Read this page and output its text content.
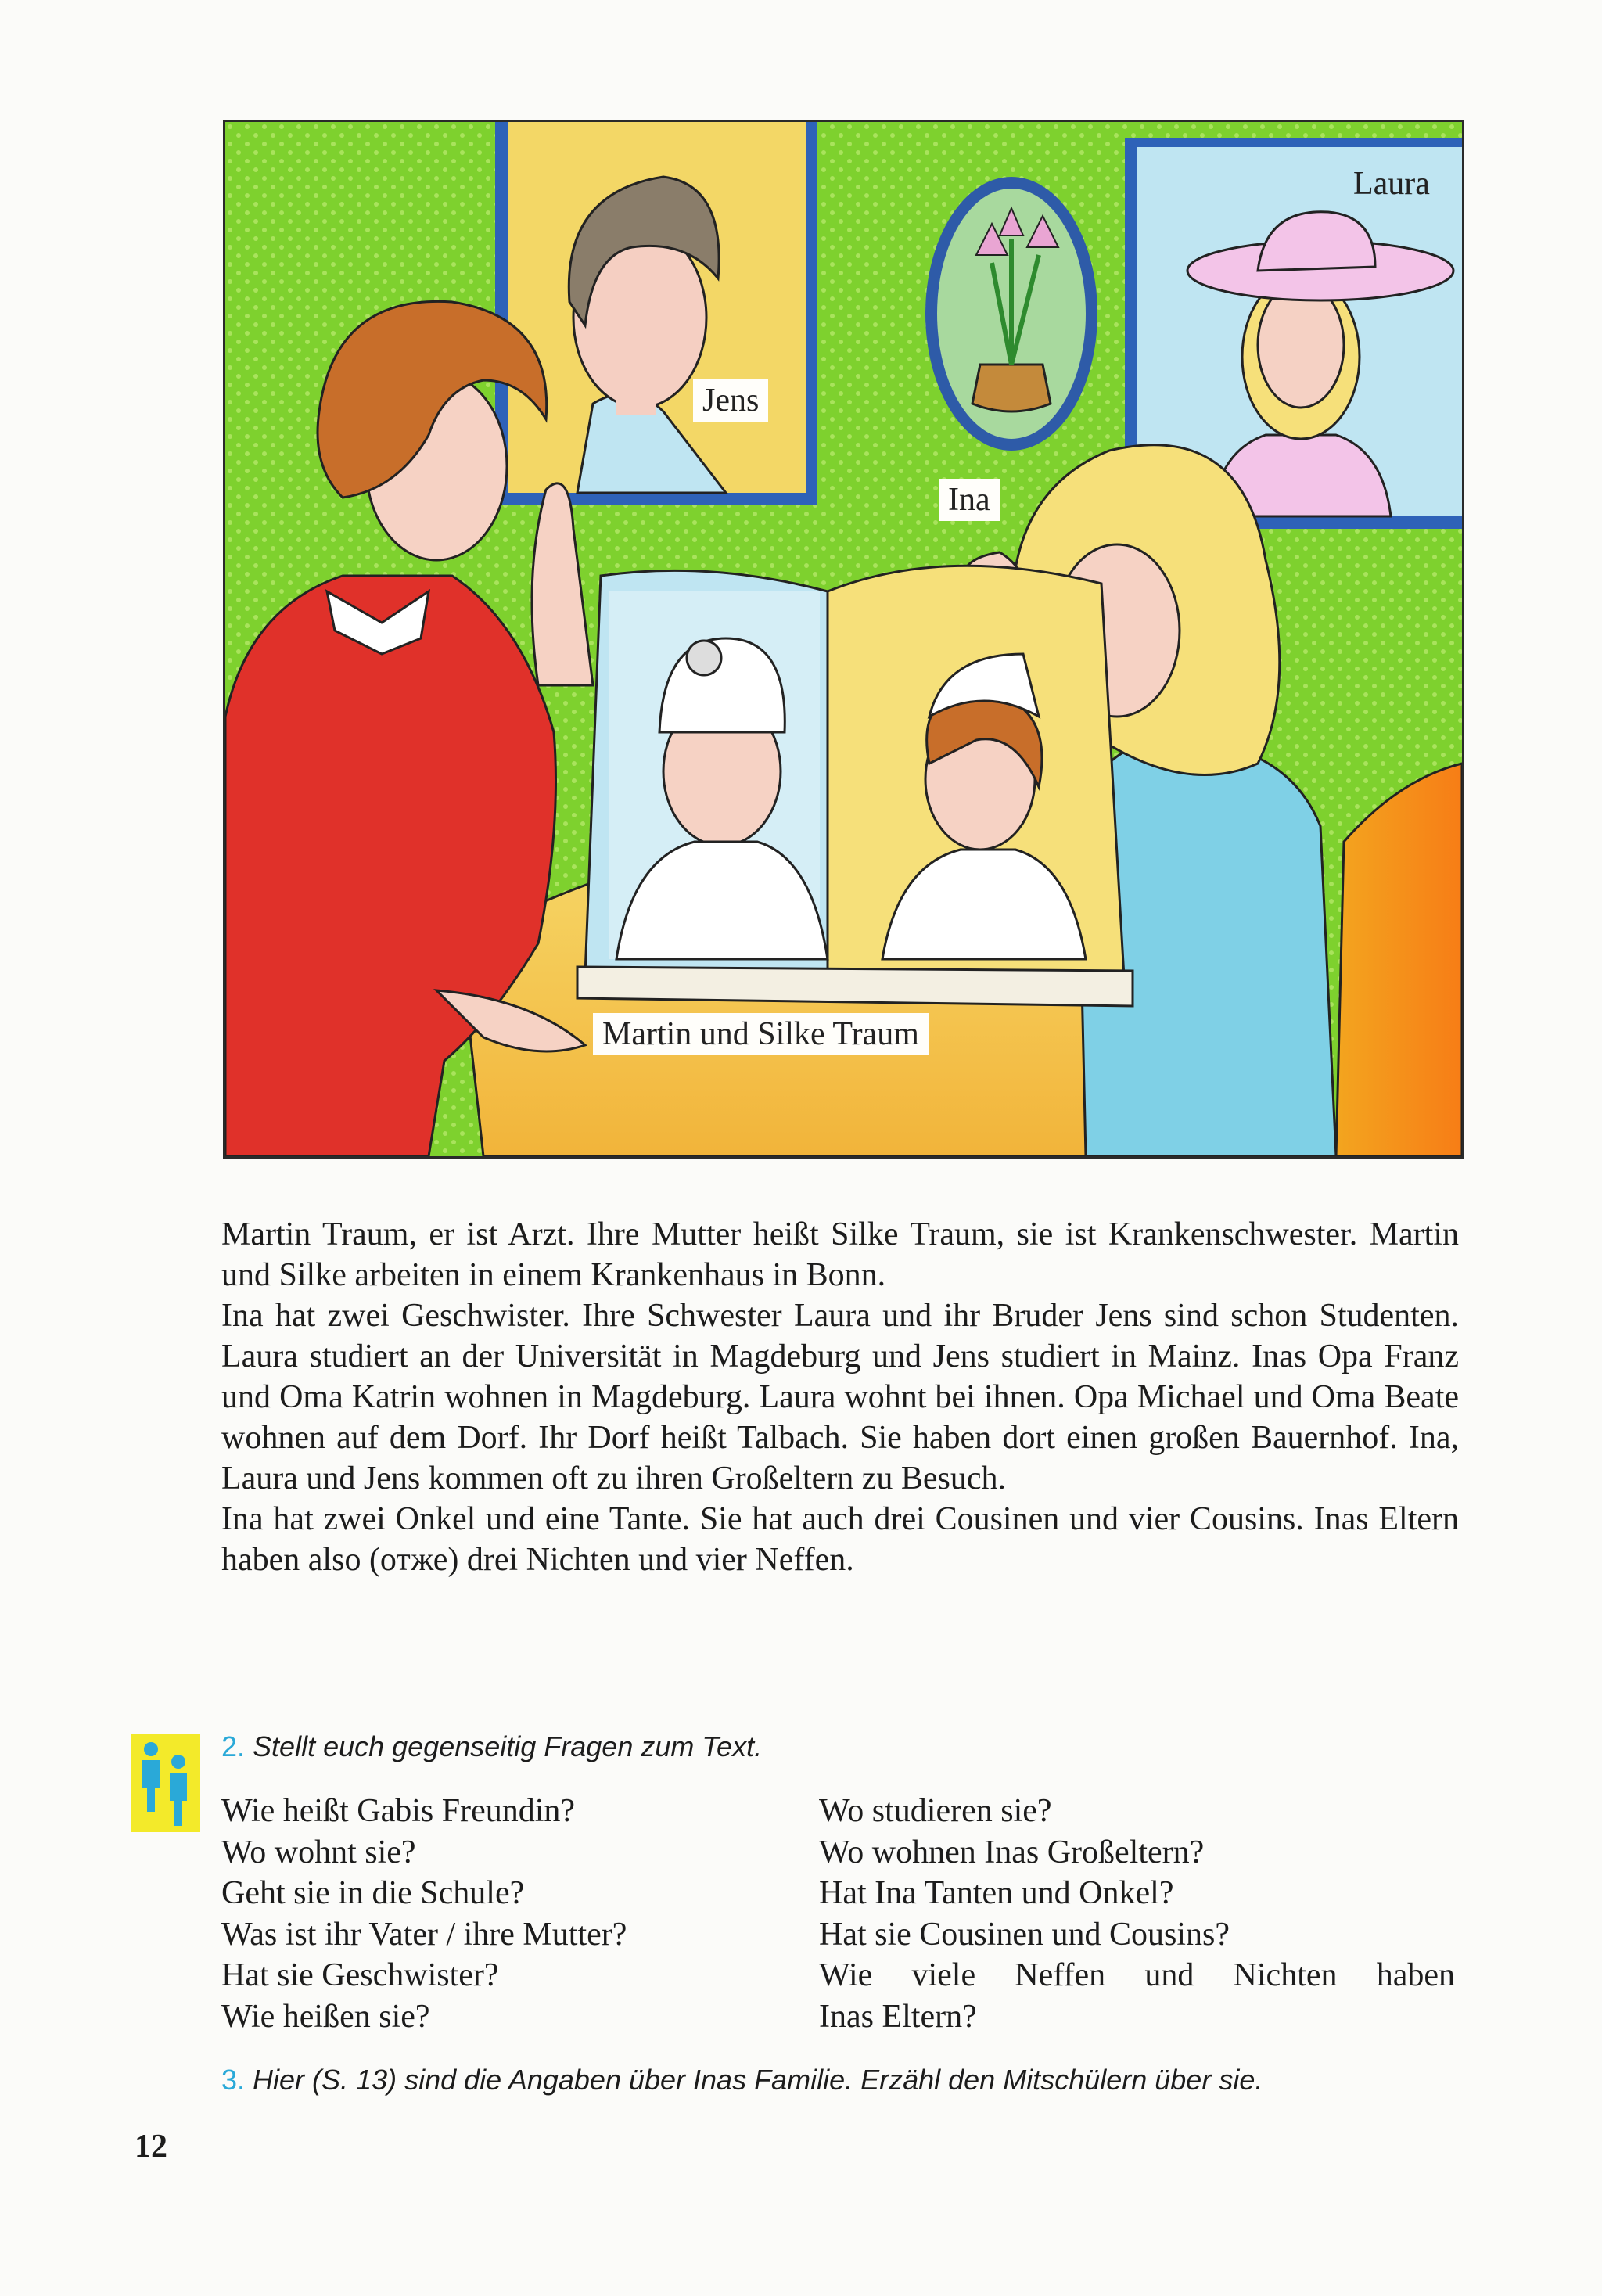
Jens
Laura
Ina
Martin und Silke Traum

Martin Traum, er ist Arzt. Ihre Mutter heißt Silke Traum, sie ist Krankenschwester. Martin und Silke arbeiten in einem Krankenhaus in Bonn.

Ina hat zwei Geschwister. Ihre Schwester Laura und ihr Bruder Jens sind schon Studenten. Laura studiert an der Universität in Magdeburg und Jens studiert in Mainz. Inas Opa Franz und Oma Katrin wohnen in Magdeburg. Laura wohnt bei ihnen. Opa Michael und Oma Beate wohnen auf dem Dorf. Ihr Dorf heißt Talbach. Sie haben dort einen großen Bauernhof. Ina, Laura und Jens kommen oft zu ihren Großeltern zu Besuch.

Ina hat zwei Onkel und eine Tante. Sie hat auch drei Cousinen und vier Cousins. Inas Eltern haben also (отже) drei Nichten und vier Neffen.

2. Stellt euch gegenseitig Fragen zum Text.
Wie heißt Gabis Freundin?
Wo wohnt sie?
Geht sie in die Schule?
Was ist ihr Vater / ihre Mutter?
Hat sie Geschwister?
Wie heißen sie?
Wo studieren sie?
Wo wohnen Inas Großeltern?
Hat Ina Tanten und Onkel?
Hat sie Cousinen und Cousins?
Wie viele Neffen und Nichten haben
Inas Eltern?
3. Hier (S. 13) sind die Angaben über Inas Familie. Erzähl den Mitschülern über sie.
12
